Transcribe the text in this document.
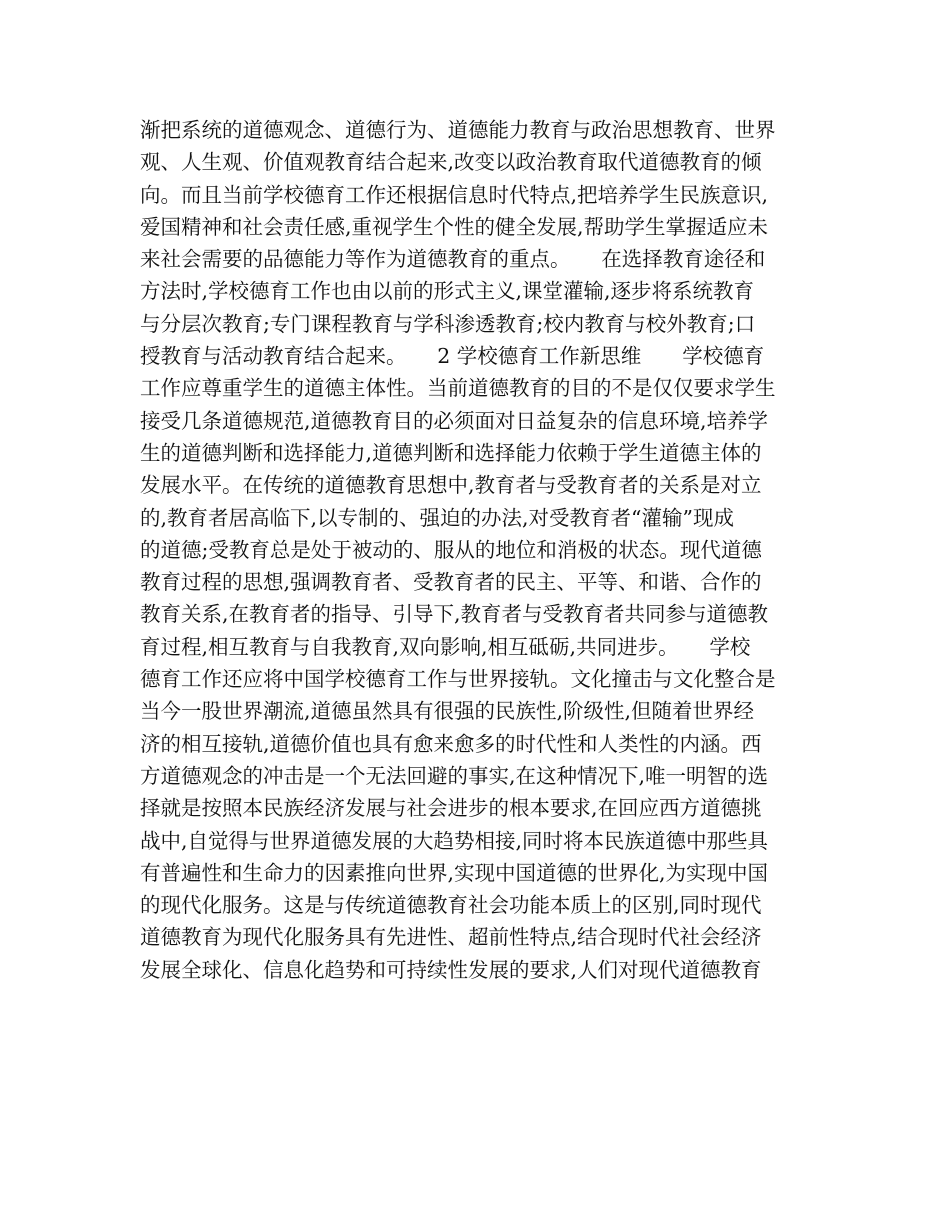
渐把系统的道德观念、道德行为、道德能力教育与政治思想教育、世界
观、人生观、价值观教育结合起来,改变以政治教育取代道德教育的倾
向。而且当前学校德育工作还根据信息时代特点,把培养学生民族意识,
爱国精神和社会责任感,重视学生个性的健全发展,帮助学生掌握适应未
来社会需要的品德能力等作为道德教育的重点。　　在选择教育途径和
方法时,学校德育工作也由以前的形式主义,课堂灌输,逐步将系统教育
与分层次教育;专门课程教育与学科渗透教育;校内教育与校外教育;口
授教育与活动教育结合起来。　　2 学校德育工作新思维　　学校德育
工作应尊重学生的道德主体性。当前道德教育的目的不是仅仅要求学生
接受几条道德规范,道德教育目的必须面对日益复杂的信息环境,培养学
生的道德判断和选择能力,道德判断和选择能力依赖于学生道德主体的
发展水平。在传统的道德教育思想中,教育者与受教育者的关系是对立
的,教育者居高临下,以专制的、强迫的办法,对受教育者“灌输”现成
的道德;受教育总是处于被动的、服从的地位和消极的状态。现代道德
教育过程的思想,强调教育者、受教育者的民主、平等、和谐、合作的
教育关系,在教育者的指导、引导下,教育者与受教育者共同参与道德教
育过程,相互教育与自我教育,双向影响,相互砥砺,共同进步。　　学校
德育工作还应将中国学校德育工作与世界接轨。文化撞击与文化整合是
当今一股世界潮流,道德虽然具有很强的民族性,阶级性,但随着世界经
济的相互接轨,道德价值也具有愈来愈多的时代性和人类性的内涵。西
方道德观念的冲击是一个无法回避的事实,在这种情况下,唯一明智的选
择就是按照本民族经济发展与社会进步的根本要求,在回应西方道德挑
战中,自觉得与世界道德发展的大趋势相接,同时将本民族道德中那些具
有普遍性和生命力的因素推向世界,实现中国道德的世界化,为实现中国
的现代化服务。这是与传统道德教育社会功能本质上的区别,同时现代
道德教育为现代化服务具有先进性、超前性特点,结合现时代社会经济
发展全球化、信息化趋势和可持续性发展的要求,人们对现代道德教育
